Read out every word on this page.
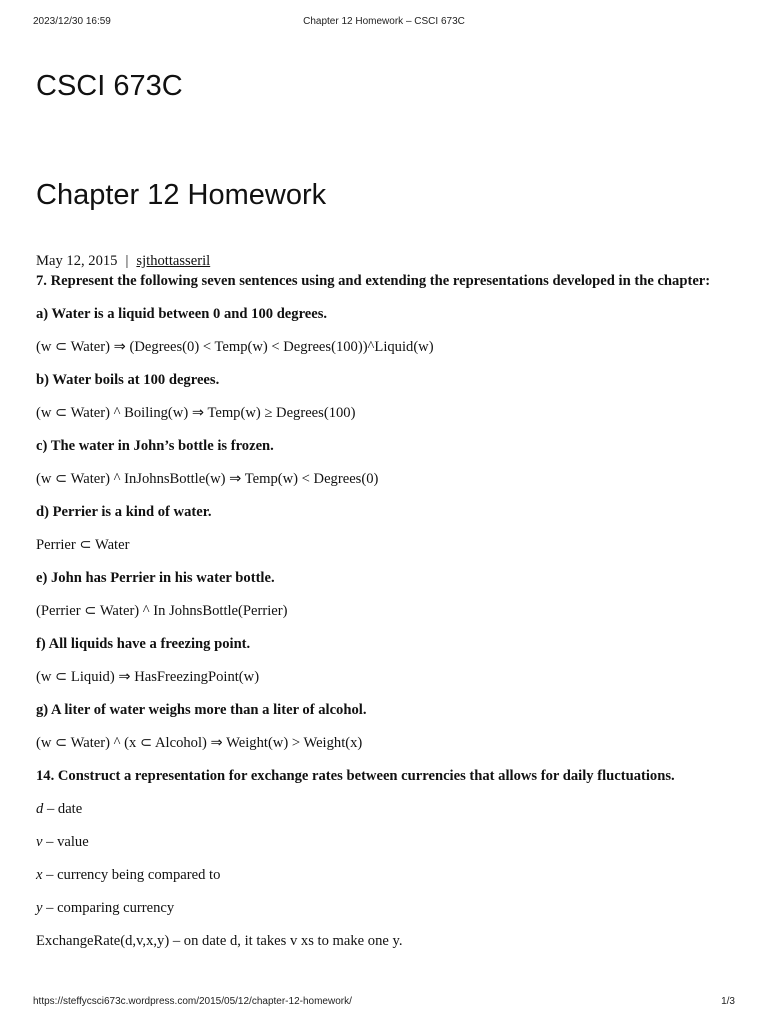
2023/12/30 16:59	Chapter 12 Homework – CSCI 673C
CSCI 673C
Chapter 12 Homework

May 12, 2015 | sjthottasseril

7. Represent the following seven sentences using and extending the representations developed in the chapter:

a) Water is a liquid between 0 and 100 degrees.

(w ⊂ Water) ⇒ (Degrees(0) < Temp(w) < Degrees(100))^Liquid(w)

b) Water boils at 100 degrees.

(w ⊂ Water) ^ Boiling(w) ⇒ Temp(w) ≥ Degrees(100)

c) The water in John’s bottle is frozen.

(w ⊂ Water) ^ InJohnsBottle(w) ⇒ Temp(w) < Degrees(0)

d) Perrier is a kind of water.

Perrier ⊂ Water

e) John has Perrier in his water bottle.

(Perrier ⊂ Water) ^ In JohnsBottle(Perrier)

f) All liquids have a freezing point.

(w ⊂ Liquid) ⇒ HasFreezingPoint(w)

g) A liter of water weighs more than a liter of alcohol.

(w ⊂ Water) ^ (x ⊂ Alcohol) ⇒ Weight(w) > Weight(x)

14. Construct a representation for exchange rates between currencies that allows for daily fluctuations.

d – date

v – value

x – currency being compared to

y – comparing currency

ExchangeRate(d,v,x,y) – on date d, it takes v xs to make one y.

https://steffycsci673c.wordpress.com/2015/05/12/chapter-12-homework/	1/3
